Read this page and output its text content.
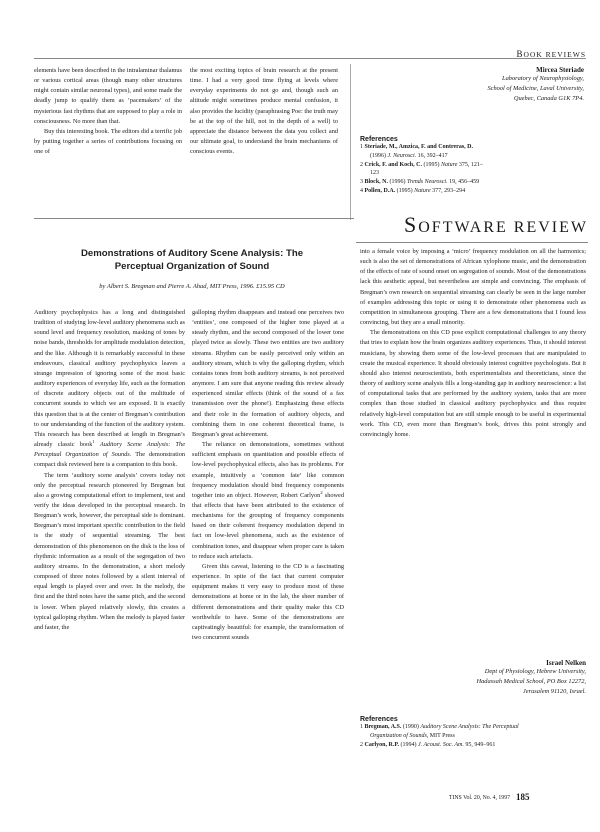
BOOK REVIEWS

elements have been described in the intralaminar thalamus or various cortical areas (though many other structures might contain similar neuronal types), and some made the deadly jump to qualify them as ‘pacemakers’ of the mysterious fast rhythms that are supposed to play a role in consciousness. No more than that.

Buy this interesting book. The editors did a terrific job by putting together a series of contributions focusing on one of

the most exciting topics of brain research at the present time. I had a very good time flying at levels where everyday experiments do not go and, though such an altitude might sometimes produce mental confusion, it also provides the lucidity (paraphrasing Poe: the truth may be at the top of the hill, not in the depth of a well) to appreciate the distance between the data you collect and our ultimate goal, to understand the brain mechanisms of conscious events.

Mircea Steriade
Laboratory of Neurophysiology,
School of Medicine, Laval University,
Quebec, Canada G1K 7P4.
References
1 Steriade, M., Amzica, F. and Contreras, D. (1996) J. Neurosci. 16, 392–417
2 Crick, F. and Koch, C. (1995) Nature 375, 121–123
3 Block, N. (1996) Trends Neurosci. 19, 456–459
4 Pollen, D.A. (1995) Nature 377, 293–294
SOFTWARE REVIEW
Demonstrations of Auditory Scene Analysis: The
Perceptual Organization of Sound
by Albert S. Bregman and Pierre A. Ahad, MIT Press, 1996. £15.95 CD

Auditory psychophysics has a long and distinguished tradition of studying low-level auditory phenomena such as sound level and frequency resolution, masking of tones by noise bands, thresholds for amplitude modulation detection, and the like. Although it is remarkably successful in these endeavours, classical auditory psychophysics leaves a strange impression of ignoring some of the most basic auditory experiences of everyday life, such as the formation of discrete auditory objects out of the multitude of concurrent sounds to which we are exposed. It is exactly this question that is at the center of Bregman’s contribution to our understanding of the function of the auditory system. This research has been described at length in Bregman’s already classic book$^1$ Auditory Scene Analysis: The Perceptual Organization of Sounds. The demonstration compact disk reviewed here is a companion to this book.

The term ‘auditory scene analysis’ covers today not only the perceptual research pioneered by Bregman but also a growing computational effort to implement, test and verify the ideas developed in the perceptual research. In Bregman’s work, however, the perceptual side is dominant. Bregman’s most important specific contribution to the field is the study of sequential streaming. The best demonstration of this phenomenon on the disk is the loss of rhythmic information as a result of the segregation of two auditory streams. In the demonstration, a short melody composed of three notes followed by a silent interval of equal length is played over and over. In the melody, the first and the third notes have the same pitch, and the second is lower. When played relatively slowly, this creates a typical galloping rhythm. When the melody is played faster and faster, the

galloping rhythm disappears and instead one perceives two ‘entities’, one composed of the higher tone played at a steady rhythm, and the second composed of the lower tone played twice as slowly. These two entities are two auditory streams. Rhythm can be easily perceived only within an auditory stream, which is why the galloping rhythm, which contains tones from both auditory streams, is not perceived anymore. I am sure that anyone reading this review already experienced similar effects (think of the sound of a fax transmission over the phone!). Emphasizing these effects and their role in the formation of auditory objects, and combining them in one coherent theoretical frame, is Bregman’s great achievement.

The reliance on demonstrations, sometimes without sufficient emphasis on quantitation and possible effects of low-level psychophysical effects, also has its problems. For example, intuitively a ‘common fate’ like common frequency modulation should bind frequency components together into an object. However, Robert Carlyon$^2$ showed that effects that have been attributed to the existence of mechanisms for the grouping of frequency components based on their coherent frequency modulation depend in fact on low-level phenomena, such as the existence of combination tones, and disappear when proper care is taken to reduce such artefacts.

Given this caveat, listening to the CD is a fascinating experience. In spite of the fact that current computer equipment makes it very easy to produce most of these demonstrations at home or in the lab, the sheer number of different demonstrations and their quality make this CD worthwhile to have. Some of the demonstrations are captivatingly beautiful: for example, the transformation of two concurrent sounds

into a female voice by imposing a ‘micro’ frequency modulation on all the harmonics; such is also the set of demonstrations of African xylophone music, and the demonstration of the effects of rate of sound onset on segregation of sounds. Most of the demonstrations lack this aesthetic appeal, but nevertheless are simple and convincing. The emphasis of Bregman’s own research on sequential streaming can clearly be seen in the large number of examples addressing this topic or using it to demonstrate other phenomena such as competition in simultaneous grouping. There are a few demonstrations that I found less convincing, but they are a small minority.

The demonstrations on this CD pose explicit computational challenges to any theory that tries to explain how the brain organizes auditory experiences. Thus, it should interest musicians, by showing them some of the low-level processes that are manipulated to create the musical experience. It should obviously interest cognitive psychologists. But it should also interest neuroscientists, both experimentalists and theoreticians, since the theory of auditory scene analysis fills a long-standing gap in auditory neuroscience: a list of computational tasks that are performed by the auditory system, tasks that are more complex than those studied in classical auditory psychophysics and thus require relatively high-level computation but are still simple enough to be useful in experimental work. This CD, even more than Bregman’s book, drives this point strongly and convincingly home.

Israel Nelken
Dept of Physiology, Hebrew University,
Hadassah Medical School, PO Box 12272,
Jerusalem 91120, Israel.
References
1 Bregman, A.S. (1990) Auditory Scene Analysis: The Perceptual Organization of Sounds, MIT Press
2 Carlyon, R.P. (1994) J. Acoust. Soc. Am. 95, 949–961
TINS Vol. 20, No. 4, 1997 185
